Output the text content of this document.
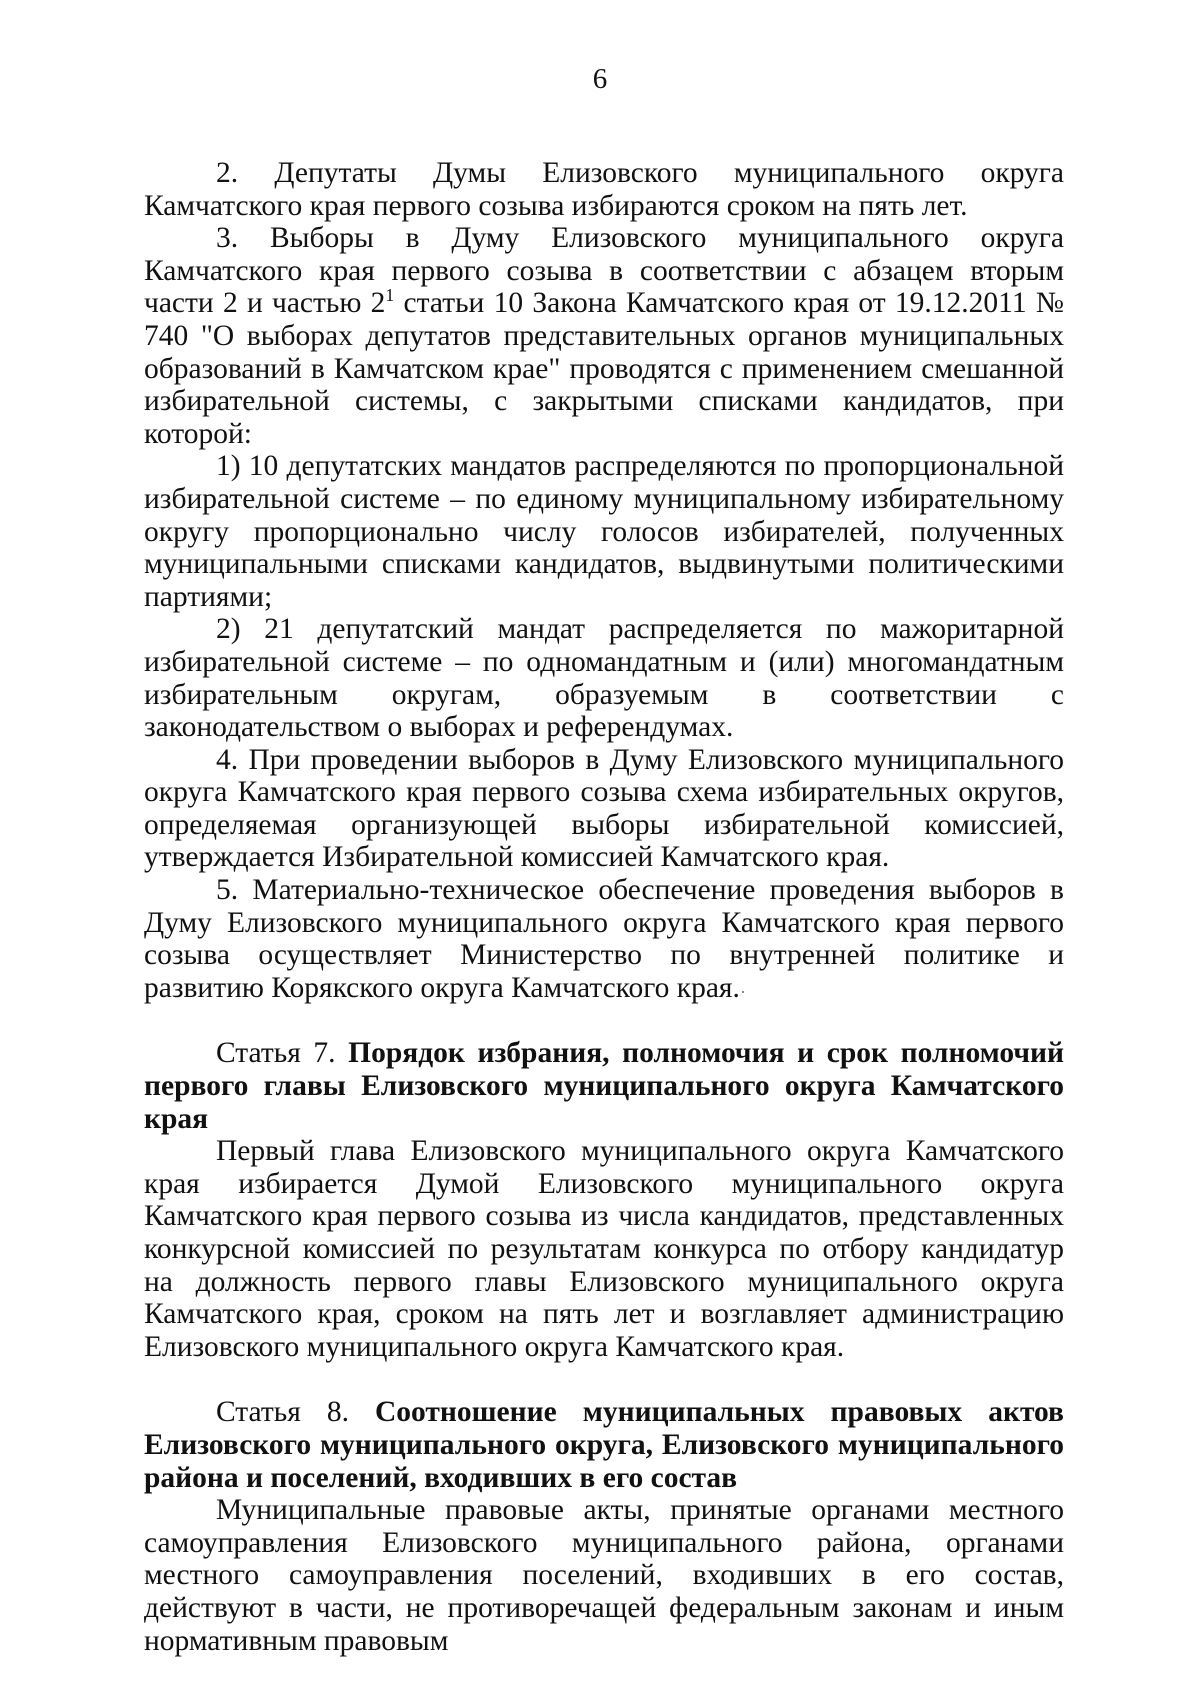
6

2. Депутаты Думы Елизовского муниципального округа Камчатского края первого созыва избираются сроком на пять лет.

3. Выборы в Думу Елизовского муниципального округа Камчатского края первого созыва в соответствии с абзацем вторым части 2 и частью $2^1$ статьи 10 Закона Камчатского края от 19.12.2011 № 740 "О выборах депутатов представительных органов муниципальных образований в Камчатском крае" проводятся с применением смешанной избирательной системы, с закрытыми списками кандидатов, при которой:

1) 10 депутатских мандатов распределяются по пропорциональной избирательной системе – по единому муниципальному избирательному округу пропорционально числу голосов избирателей, полученных муниципальными списками кандидатов, выдвинутыми политическими партиями;

2) 21 депутатский мандат распределяется по мажоритарной избирательной системе – по одномандатным и (или) многомандатным избирательным округам, образуемым в соответствии с законодательством о выборах и референдумах.

4. При проведении выборов в Думу Елизовского муниципального округа Камчатского края первого созыва схема избирательных округов, определяемая организующей выборы избирательной комиссией, утверждается Избирательной комиссией Камчатского края.

5. Материально-техническое обеспечение проведения выборов в Думу Елизовского муниципального округа Камчатского края первого созыва осуществляет Министерство по внутренней политике и развитию Корякского округа Камчатского края.

Статья 7. Порядок избрания, полномочия и срок полномочий первого главы Елизовского муниципального округа Камчатского края

Первый глава Елизовского муниципального округа Камчатского края избирается Думой Елизовского муниципального округа Камчатского края первого созыва из числа кандидатов, представленных конкурсной комиссией по результатам конкурса по отбору кандидатур на должность первого главы Елизовского муниципального округа Камчатского края, сроком на пять лет и возглавляет администрацию Елизовского муниципального округа Камчатского края.

Статья 8. Соотношение муниципальных правовых актов Елизовского муниципального округа, Елизовского муниципального района и поселений, входивших в его состав

Муниципальные правовые акты, принятые органами местного самоуправления Елизовского муниципального района, органами местного самоуправления поселений, входивших в его состав, действуют в части, не противоречащей федеральным законам и иным нормативным правовым
